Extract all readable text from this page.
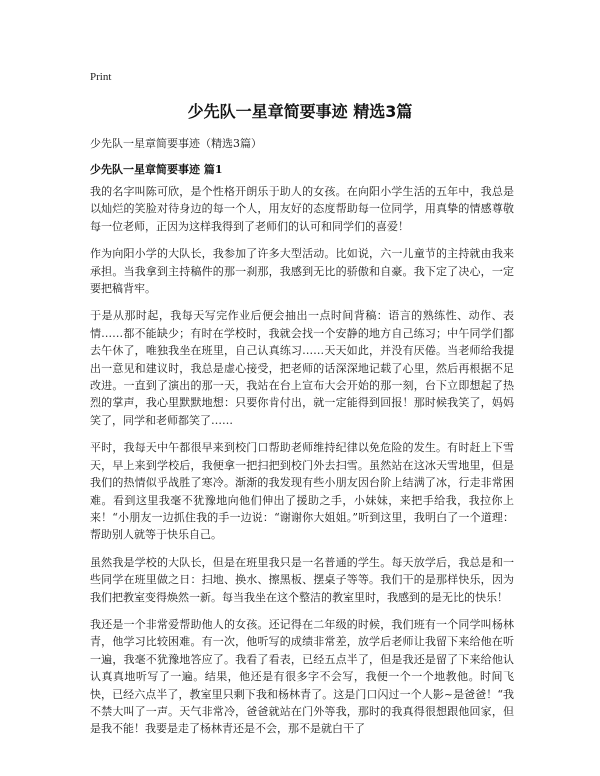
Print
少先队一星章简要事迹 精选3篇
少先队一星章简要事迹（精选3篇）
少先队一星章简要事迹 篇1

我的名字叫陈可欣，是个性格开朗乐于助人的女孩。在向阳小学生活的五年中，我总是以灿烂的笑脸对待身边的每一个人，用友好的态度帮助每一位同学，用真挚的情感尊敬每一位老师，正因为这样我得到了老师们的认可和同学们的喜爱！

作为向阳小学的大队长，我参加了许多大型活动。比如说，六一儿童节的主持就由我来承担。当我拿到主持稿件的那一刹那，我感到无比的骄傲和自豪。我下定了决心，一定要把稿背牢。

于是从那时起，我每天写完作业后便会抽出一点时间背稿：语言的熟练性、动作、表情……都不能缺少；有时在学校时，我就会找一个安静的地方自己练习；中午同学们都去午休了，唯独我坐在班里，自己认真练习……天天如此，并没有厌倦。当老师给我提出一意见和建议时，我总是虚心接受，把老师的话深深地记载了心里，然后再根据不足改进。一直到了演出的那一天，我站在台上宣布大会开始的那一刻，台下立即想起了热烈的掌声，我心里默默地想：只要你肯付出，就一定能得到回报！那时候我笑了，妈妈笑了，同学和老师都笑了……

平时，我每天中午都很早来到校门口帮助老师维持纪律以免危险的发生。有时赶上下雪天，早上来到学校后，我便拿一把扫把到校门外去扫雪。虽然站在这冰天雪地里，但是我们的热情似乎战胜了寒冷。渐渐的我发现有些小朋友因台阶上结满了冰，行走非常困难。看到这里我毫不犹豫地向他们伸出了援助之手，小妹妹，来把手给我，我拉你上来！“小朋友一边抓住我的手一边说：“谢谢你大姐姐。”听到这里，我明白了一个道理：帮助别人就等于快乐自己。

虽然我是学校的大队长，但是在班里我只是一名普通的学生。每天放学后，我总是和一些同学在班里做之日：扫地、换水、擦黑板、摆桌子等等。我们干的是那样快乐，因为我们把教室变得焕然一新。每当我坐在这个整洁的教室里时，我感到的是无比的快乐！

我还是一个非常爱帮助他人的女孩。还记得在二年级的时候，我们班有一个同学叫杨林青，他学习比较困难。有一次，他听写的成绩非常差，放学后老师让我留下来给他在听一遍，我毫不犹豫地答应了。我看了看表，已经五点半了，但是我还是留了下来给他认认真真地听写了一遍。结果，他还是有很多字不会写，我便一个一个地教他。时间飞快，已经六点半了，教室里只剩下我和杨林青了。这是门口闪过一个人影~是爸爸！“我不禁大叫了一声。天气非常冷，爸爸就站在门外等我，那时的我真得很想跟他回家，但是我不能！我要是走了杨林青还是不会，那不是就白干了
